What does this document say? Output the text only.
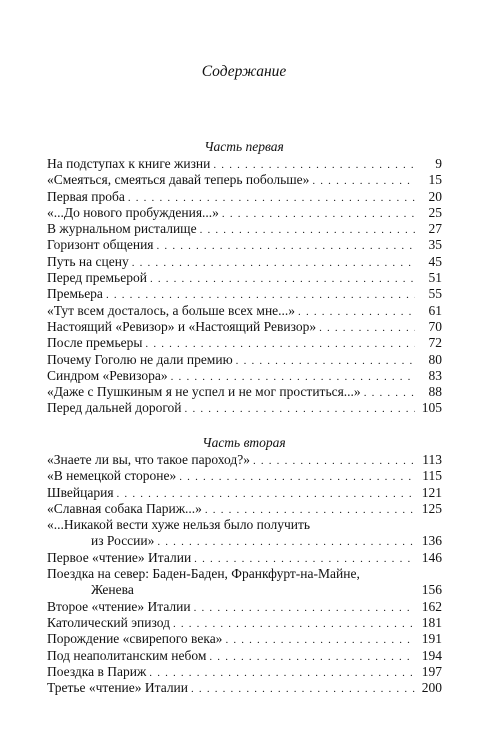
Содержание
Часть первая
На подступах к книге жизни . . .	9
«Смеяться, смеяться давай теперь побольше» . . .	15
Первая проба . . .	20
«...До нового пробуждения...» . . .	25
В журнальном ристалище . . .	27
Горизонт общения . . .	35
Путь на сцену . . .	45
Перед премьерой . . .	51
Премьера . . .	55
«Тут всем досталось, а больше всех мне...» . . .	61
Настоящий «Ревизор» и «Настоящий Ревизор» . . .	70
После премьеры . . .	72
Почему Гоголю не дали премию . . .	80
Синдром «Ревизора» . . .	83
«Даже с Пушкиным я не успел и не мог проститься...» . . .	88
Перед дальней дорогой . . .	105
Часть вторая
«Знаете ли вы, что такое пароход?» . . .	113
«В немецкой стороне» . . .	115
Швейцария . . .	121
«Славная собака Париж...» . . .	125
«...Никакой вести хуже нельзя было получить
из России» . . .	136
Первое «чтение» Италии . . .	146
Поездка на север: Баден-Баден, Франкфурт-на-Майне,
Женева	156
Второе «чтение» Италии . . .	162
Католический эпизод . . .	181
Порождение «свирепого века» . . .	191
Под неаполитанским небом . . .	194
Поездка в Париж . . .	197
Третье «чтение» Италии . . .	200
